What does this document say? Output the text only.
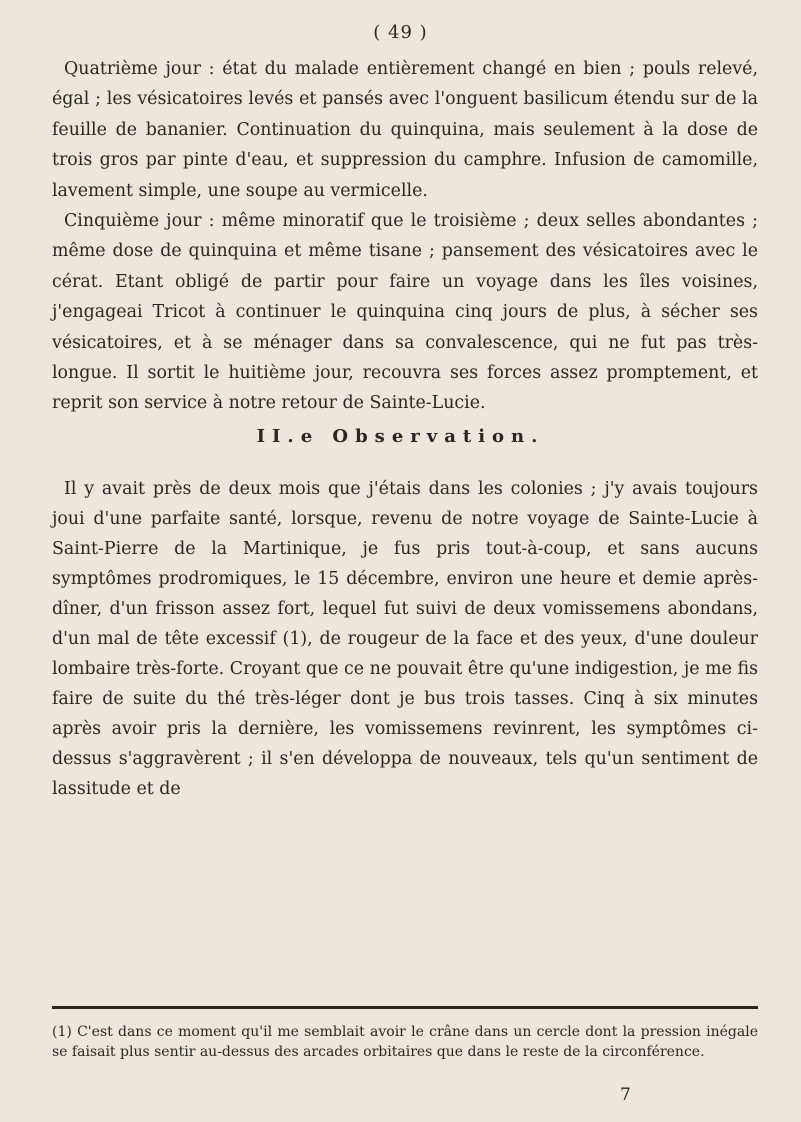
( 49 )

Quatrième jour : état du malade entièrement changé en bien ; pouls relevé, égal ; les vésicatoires levés et pansés avec l'onguent basilicum étendu sur de la feuille de bananier. Continuation du quinquina, mais seulement à la dose de trois gros par pinte d'eau, et suppression du camphre. Infusion de camomille, lavement simple, une soupe au vermicelle.

Cinquième jour : même minoratif que le troisième ; deux selles abondantes ; même dose de quinquina et même tisane ; pansement des vésicatoires avec le cérat. Etant obligé de partir pour faire un voyage dans les îles voisines, j'engageai Tricot à continuer le quinquina cinq jours de plus, à sécher ses vésicatoires, et à se ménager dans sa convalescence, qui ne fut pas très-longue. Il sortit le huitième jour, recouvra ses forces assez promptement, et reprit son service à notre retour de Sainte-Lucie.

II.e Observation.

Il y avait près de deux mois que j'étais dans les colonies ; j'y avais toujours joui d'une parfaite santé, lorsque, revenu de notre voyage de Sainte-Lucie à Saint-Pierre de la Martinique, je fus pris tout-à-coup, et sans aucuns symptômes prodromiques, le 15 décembre, environ une heure et demie après-dîner, d'un frisson assez fort, lequel fut suivi de deux vomissemens abondans, d'un mal de tête excessif (1), de rougeur de la face et des yeux, d'une douleur lombaire très-forte. Croyant que ce ne pouvait être qu'une indigestion, je me fis faire de suite du thé très-léger dont je bus trois tasses. Cinq à six minutes après avoir pris la dernière, les vomissemens revinrent, les symptômes ci-dessus s'aggravèrent ; il s'en développa de nouveaux, tels qu'un sentiment de lassitude et de

(1) C'est dans ce moment qu'il me semblait avoir le crâne dans un cercle dont la pression inégale se faisait plus sentir au-dessus des arcades orbitaires que dans le reste de la circonférence.
7
